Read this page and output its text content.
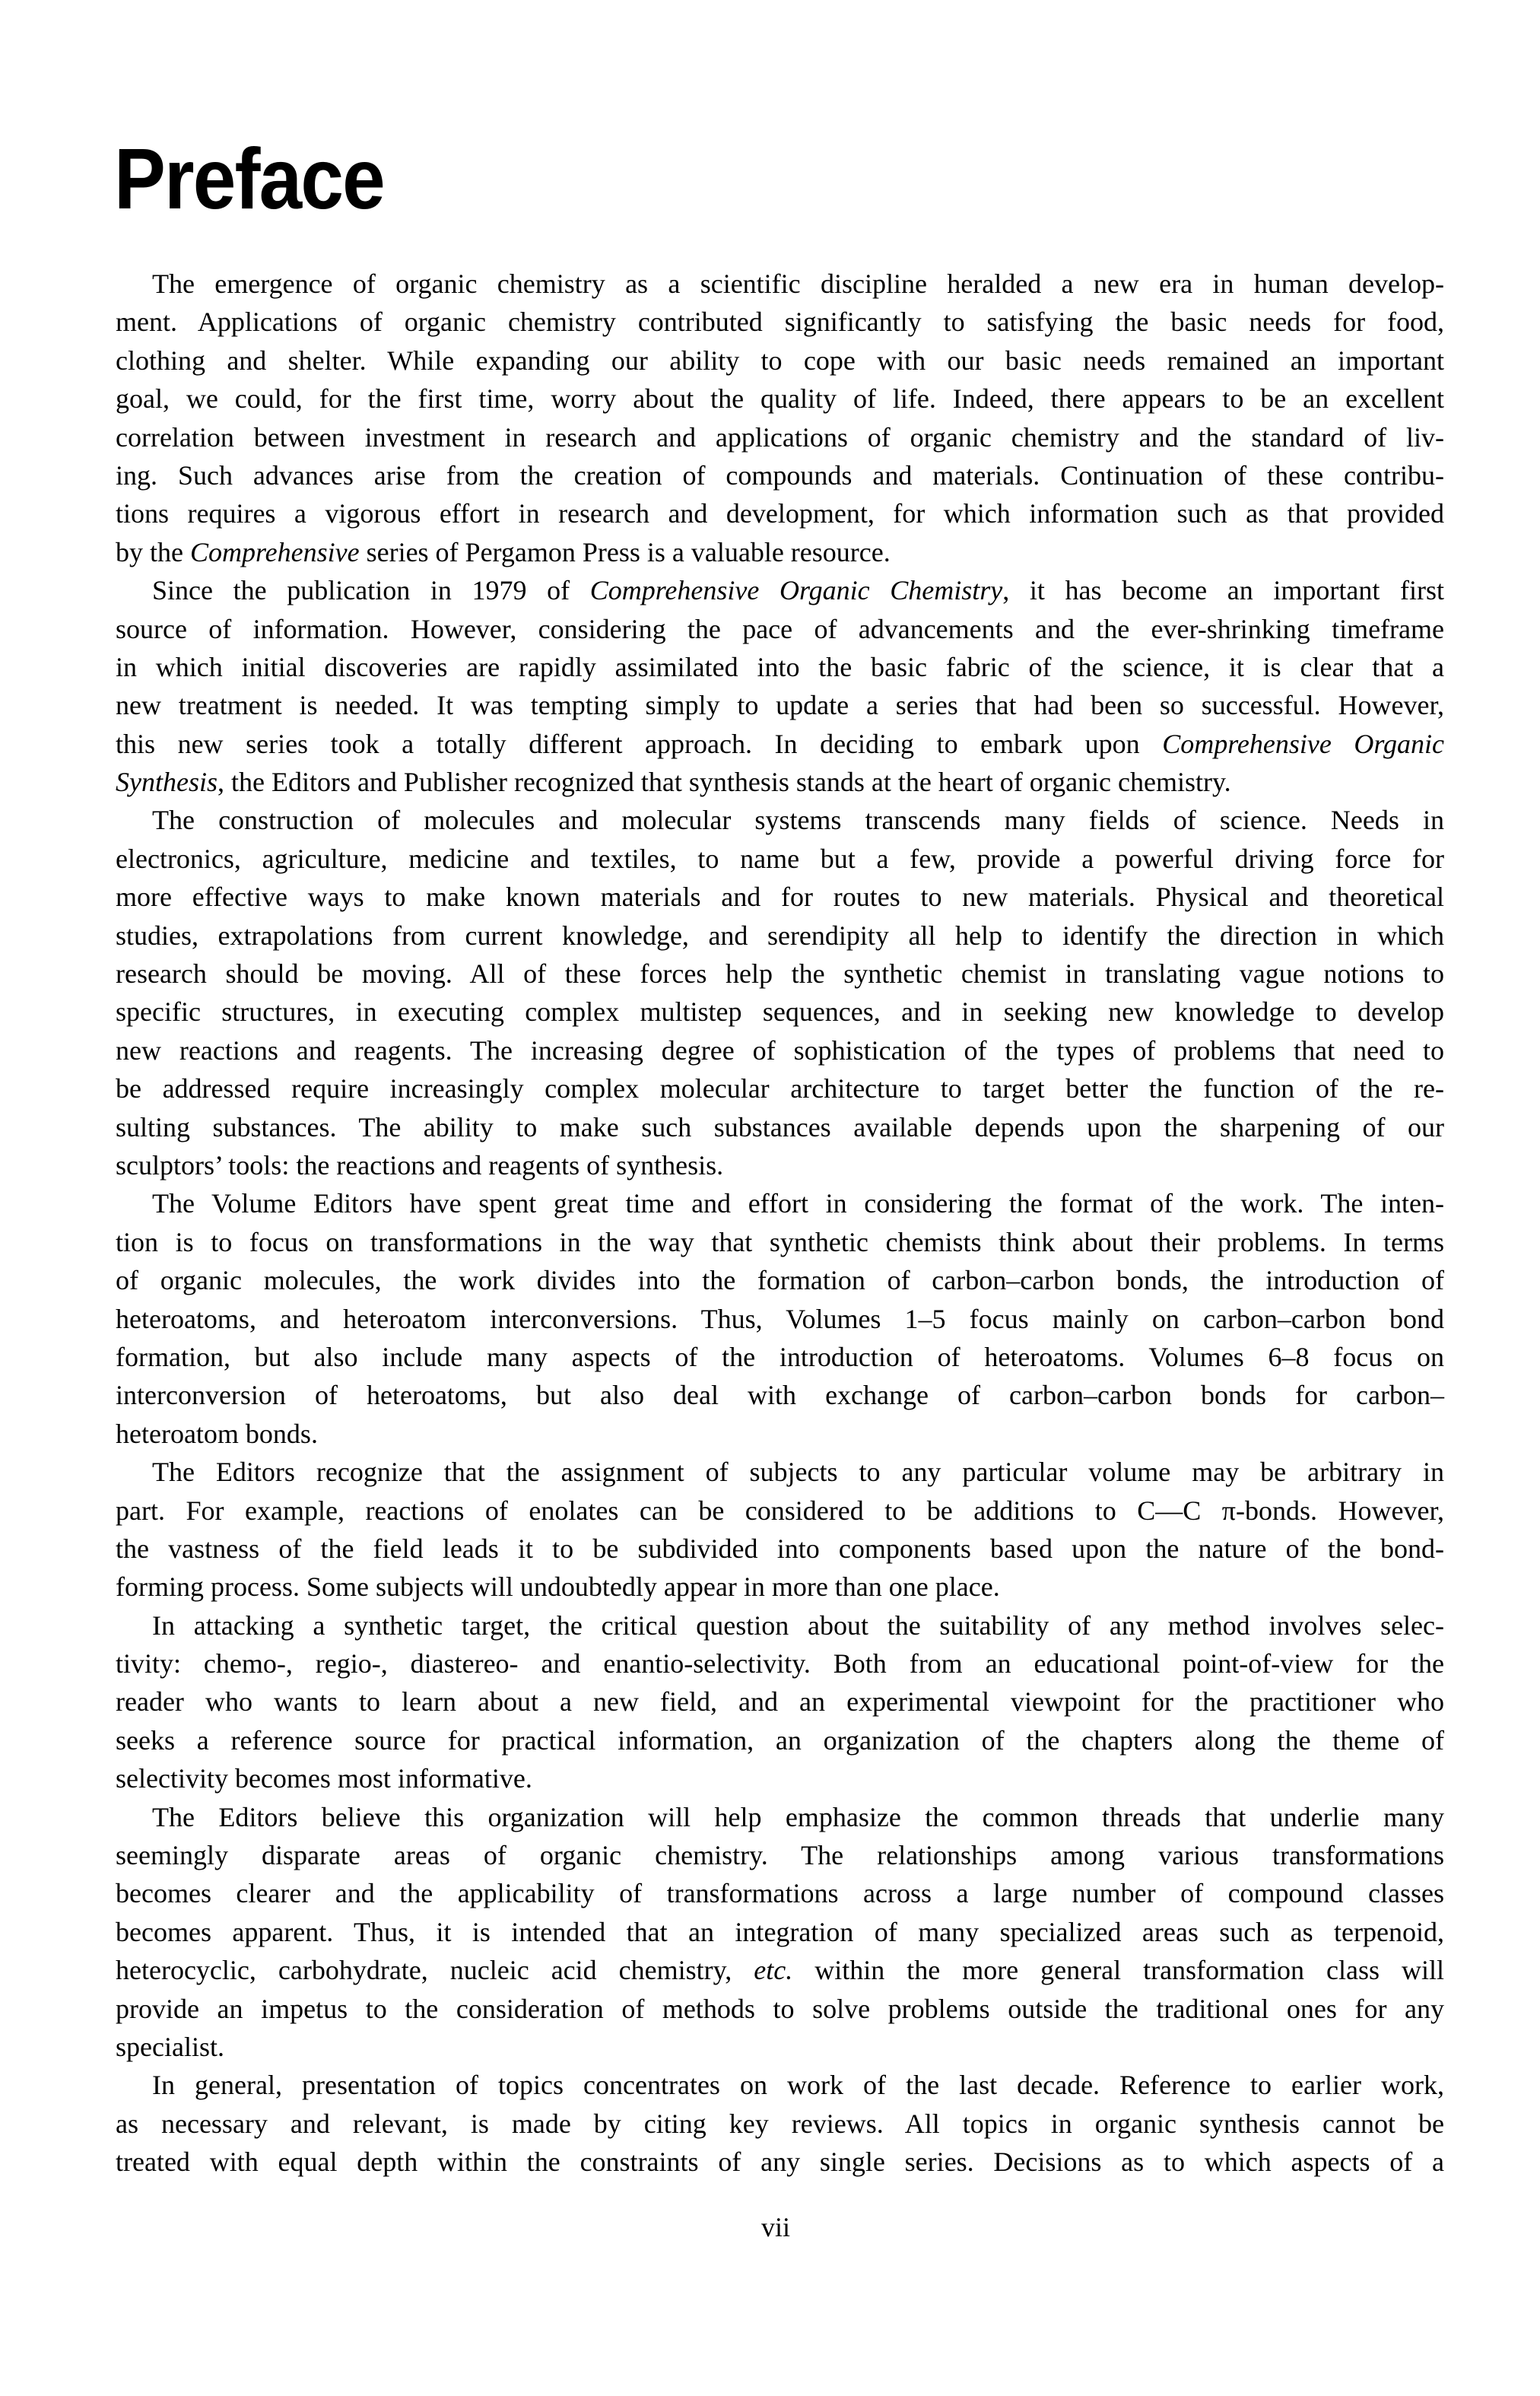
Preface
The emergence of organic chemistry as a scientific discipline heralded a new era in human develop-
ment. Applications of organic chemistry contributed significantly to satisfying the basic needs for food,
clothing and shelter. While expanding our ability to cope with our basic needs remained an important
goal, we could, for the first time, worry about the quality of life. Indeed, there appears to be an excellent
correlation between investment in research and applications of organic chemistry and the standard of liv-
ing. Such advances arise from the creation of compounds and materials. Continuation of these contribu-
tions requires a vigorous effort in research and development, for which information such as that provided
by the Comprehensive series of Pergamon Press is a valuable resource.
Since the publication in 1979 of Comprehensive Organic Chemistry, it has become an important first
source of information. However, considering the pace of advancements and the ever-shrinking timeframe
in which initial discoveries are rapidly assimilated into the basic fabric of the science, it is clear that a
new treatment is needed. It was tempting simply to update a series that had been so successful. However,
this new series took a totally different approach. In deciding to embark upon Comprehensive Organic
Synthesis, the Editors and Publisher recognized that synthesis stands at the heart of organic chemistry.
The construction of molecules and molecular systems transcends many fields of science. Needs in
electronics, agriculture, medicine and textiles, to name but a few, provide a powerful driving force for
more effective ways to make known materials and for routes to new materials. Physical and theoretical
studies, extrapolations from current knowledge, and serendipity all help to identify the direction in which
research should be moving. All of these forces help the synthetic chemist in translating vague notions to
specific structures, in executing complex multistep sequences, and in seeking new knowledge to develop
new reactions and reagents. The increasing degree of sophistication of the types of problems that need to
be addressed require increasingly complex molecular architecture to target better the function of the re-
sulting substances. The ability to make such substances available depends upon the sharpening of our
sculptors’ tools: the reactions and reagents of synthesis.
The Volume Editors have spent great time and effort in considering the format of the work. The inten-
tion is to focus on transformations in the way that synthetic chemists think about their problems. In terms
of organic molecules, the work divides into the formation of carbon–carbon bonds, the introduction of
heteroatoms, and heteroatom interconversions. Thus, Volumes 1–5 focus mainly on carbon–carbon bond
formation, but also include many aspects of the introduction of heteroatoms. Volumes 6–8 focus on
interconversion of heteroatoms, but also deal with exchange of carbon–carbon bonds for carbon–
heteroatom bonds.
The Editors recognize that the assignment of subjects to any particular volume may be arbitrary in
part. For example, reactions of enolates can be considered to be additions to C—C π-bonds. However,
the vastness of the field leads it to be subdivided into components based upon the nature of the bond-
forming process. Some subjects will undoubtedly appear in more than one place.
In attacking a synthetic target, the critical question about the suitability of any method involves selec-
tivity: chemo-, regio-, diastereo- and enantio-selectivity. Both from an educational point-of-view for the
reader who wants to learn about a new field, and an experimental viewpoint for the practitioner who
seeks a reference source for practical information, an organization of the chapters along the theme of
selectivity becomes most informative.
The Editors believe this organization will help emphasize the common threads that underlie many
seemingly disparate areas of organic chemistry. The relationships among various transformations
becomes clearer and the applicability of transformations across a large number of compound classes
becomes apparent. Thus, it is intended that an integration of many specialized areas such as terpenoid,
heterocyclic, carbohydrate, nucleic acid chemistry, etc. within the more general transformation class will
provide an impetus to the consideration of methods to solve problems outside the traditional ones for any
specialist.
In general, presentation of topics concentrates on work of the last decade. Reference to earlier work,
as necessary and relevant, is made by citing key reviews. All topics in organic synthesis cannot be
treated with equal depth within the constraints of any single series. Decisions as to which aspects of a
vii
